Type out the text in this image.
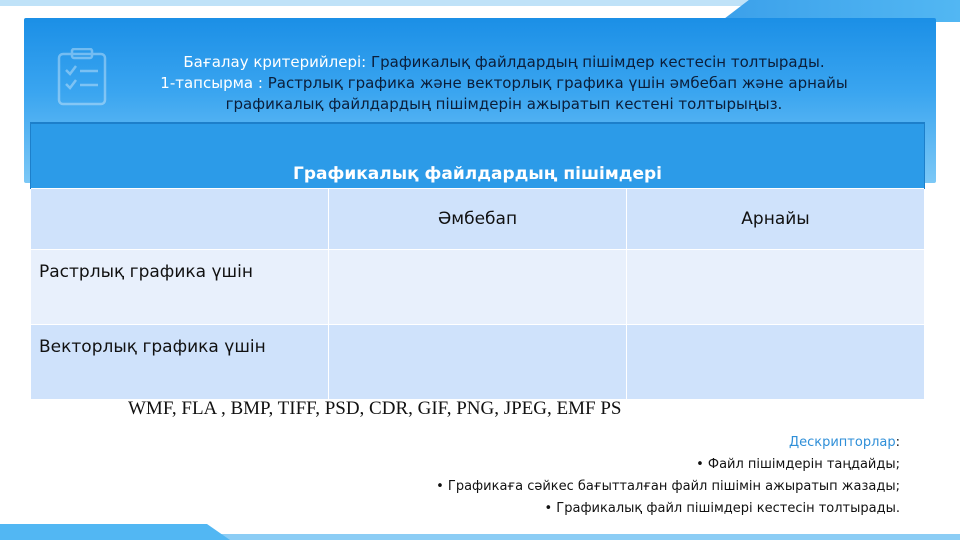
Бағалау критерийлері: Графикалық файлдардың пішімдер кестесін толтырады.
1-тапсырма : Растрлық графика және векторлық графика үшін әмбебап және арнайы
графикалық файлдардың пішімдерін ажыратып кестені толтырыңыз.
Графикалық файлдардың пішімдері		
	Әмбебап	Арнайы
Растрлық графика үшін		
Векторлық графика үшін		
WMF, FLA , BMP, TIFF, PSD, CDR, GIF, PNG, JPEG, EMF PS
Дескрипторлар:
• Файл пішімдерін таңдайды;
• Графикаға сәйкес бағытталған файл пішімін ажыратып жазады;
• Графикалық файл пішімдері кестесін толтырады.
